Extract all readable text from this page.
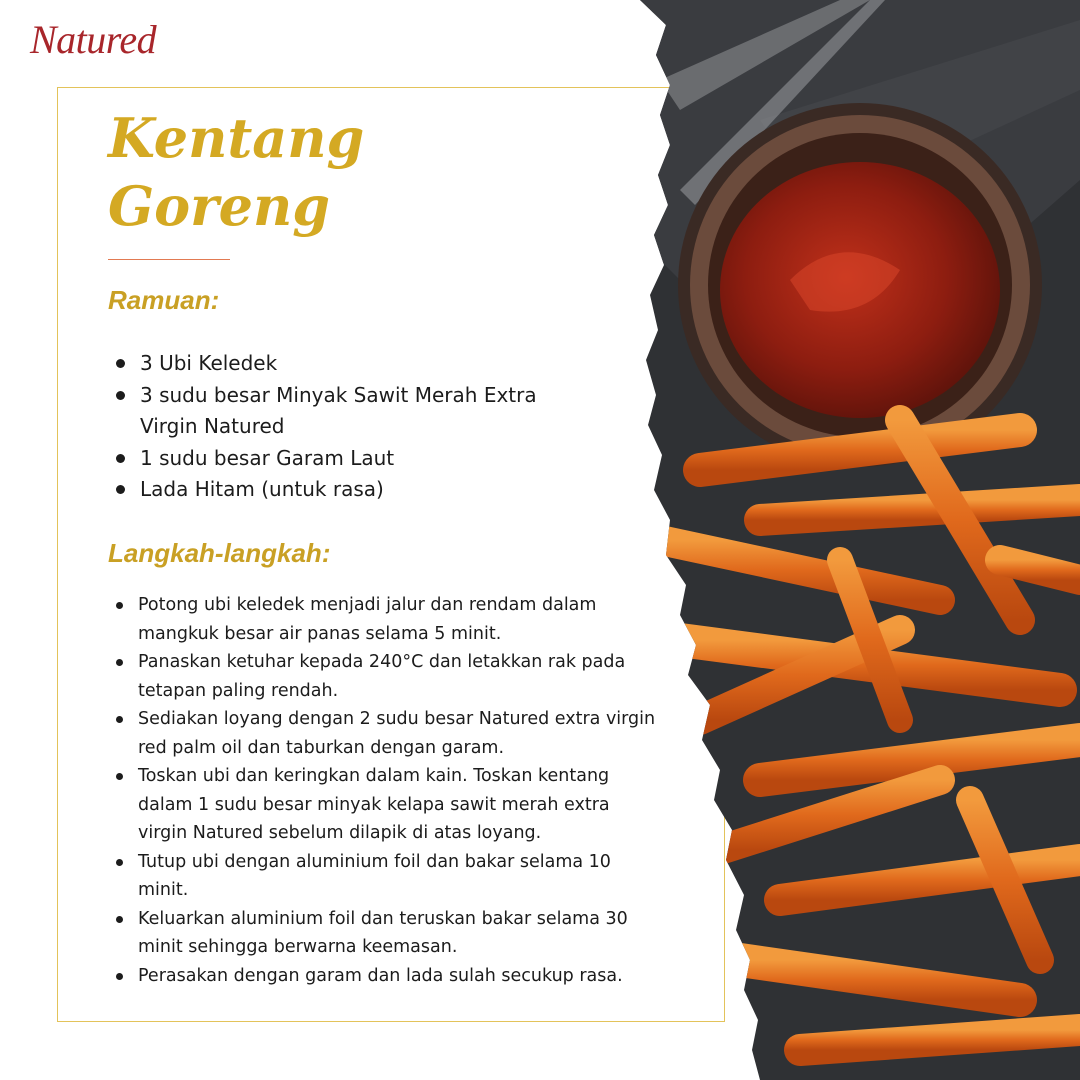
Natured
Kentang
Goreng
Ramuan:
3 Ubi Keledek
3 sudu besar Minyak Sawit Merah Extra Virgin Natured
1 sudu besar Garam Laut
Lada Hitam (untuk rasa)
Langkah-langkah:
Potong ubi keledek menjadi jalur dan rendam dalam mangkuk besar air panas selama 5 minit.
Panaskan ketuhar kepada 240°C dan letakkan rak pada tetapan paling rendah.
Sediakan loyang dengan 2 sudu besar Natured extra virgin red palm oil dan taburkan dengan garam.
Toskan ubi dan keringkan dalam kain. Toskan kentang dalam 1 sudu besar minyak kelapa sawit merah extra virgin Natured sebelum dilapik di atas loyang.
Tutup ubi dengan aluminium foil dan bakar selama 10 minit.
Keluarkan aluminium foil dan teruskan bakar selama 30 minit sehingga berwarna keemasan.
Perasakan dengan garam dan lada sulah secukup rasa.
